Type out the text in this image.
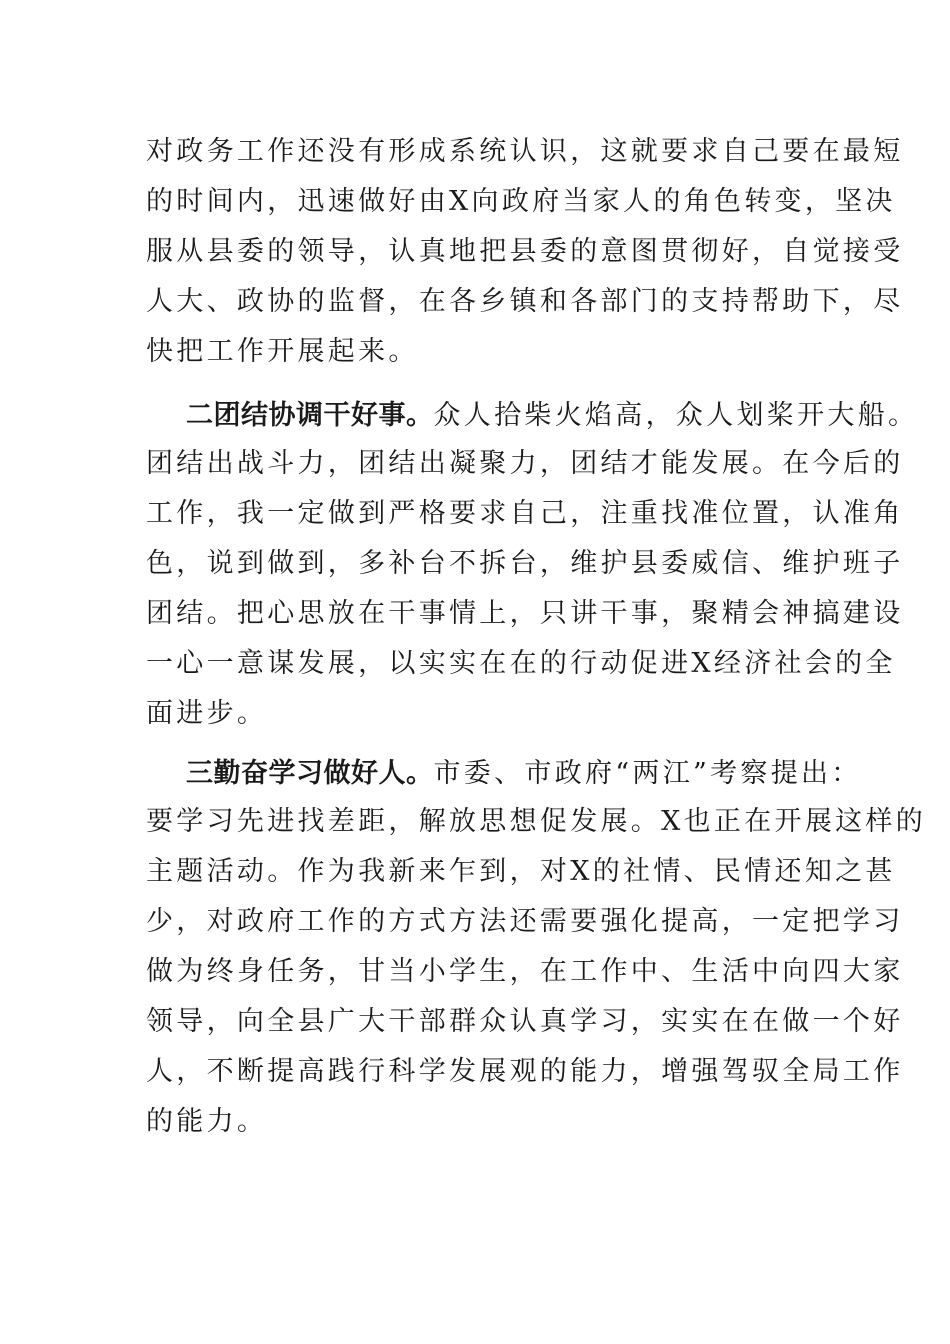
对政务工作还没有形成系统认识，这就要求自己要在最短
的时间内，迅速做好由X向政府当家人的角色转变，坚决
服从县委的领导，认真地把县委的意图贯彻好，自觉接受
人大、政协的监督，在各乡镇和各部门的支持帮助下，尽
快把工作开展起来。
二团结协调干好事。众人拾柴火焰高，众人划桨开大船。
团结出战斗力，团结出凝聚力，团结才能发展。在今后的
工作，我一定做到严格要求自己，注重找准位置，认准角
色，说到做到，多补台不拆台，维护县委威信、维护班子
团结。把心思放在干事情上，只讲干事，聚精会神搞建设
一心一意谋发展，以实实在在的行动促进X经济社会的全
面进步。
三勤奋学习做好人。市委、市政府“两江”考察提出：
要学习先进找差距，解放思想促发展。X也正在开展这样的
主题活动。作为我新来乍到，对X的社情、民情还知之甚
少，对政府工作的方式方法还需要强化提高，一定把学习
做为终身任务，甘当小学生，在工作中、生活中向四大家
领导，向全县广大干部群众认真学习，实实在在做一个好
人，不断提高践行科学发展观的能力，增强驾驭全局工作
的能力。
